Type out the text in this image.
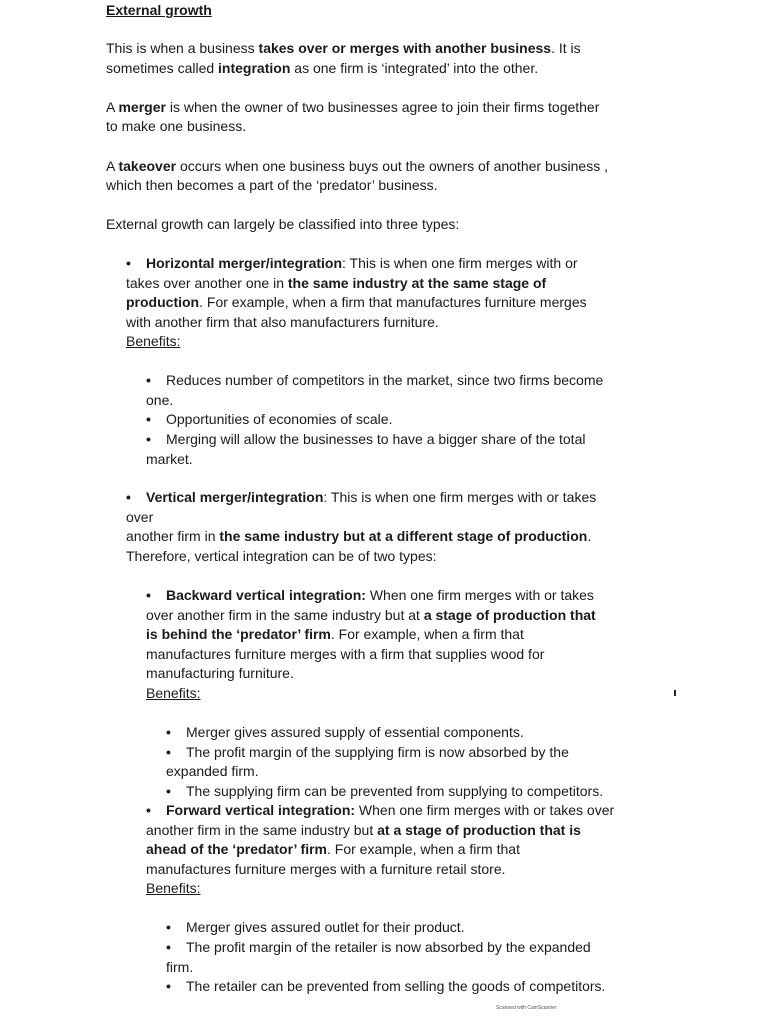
External growth
This is when a business takes over or merges with another business. It is
sometimes called integration as one firm is ‘integrated’ into the other.
A merger is when the owner of two businesses agree to join their firms together
to make one business.
A takeover occurs when one business buys out the owners of another business ,
which then becomes a part of the ‘predator’ business.
External growth can largely be classified into three types:
• Horizontal merger/integration: This is when one firm merges with or
takes over another one in the same industry at the same stage of
production. For example, when a firm that manufactures furniture merges
with another firm that also manufacturers furniture.
Benefits:
• Reduces number of competitors in the market, since two firms become
one.
• Opportunities of economies of scale.
• Merging will allow the businesses to have a bigger share of the total
market.
• Vertical merger/integration: This is when one firm merges with or takes
over
another firm in the same industry but at a different stage of production.
Therefore, vertical integration can be of two types:
• Backward vertical integration: When one firm merges with or takes
over another firm in the same industry but at a stage of production that
is behind the ‘predator’ firm. For example, when a firm that
manufactures furniture merges with a firm that supplies wood for
manufacturing furniture.
Benefits:
• Merger gives assured supply of essential components.
• The profit margin of the supplying firm is now absorbed by the
expanded firm.
• The supplying firm can be prevented from supplying to competitors.
• Forward vertical integration: When one firm merges with or takes over
another firm in the same industry but at a stage of production that is
ahead of the ‘predator’ firm. For example, when a firm that
manufactures furniture merges with a furniture retail store.
Benefits:
• Merger gives assured outlet for their product.
• The profit margin of the retailer is now absorbed by the expanded
firm.
• The retailer can be prevented from selling the goods of competitors.
Scanned with CamScanner
